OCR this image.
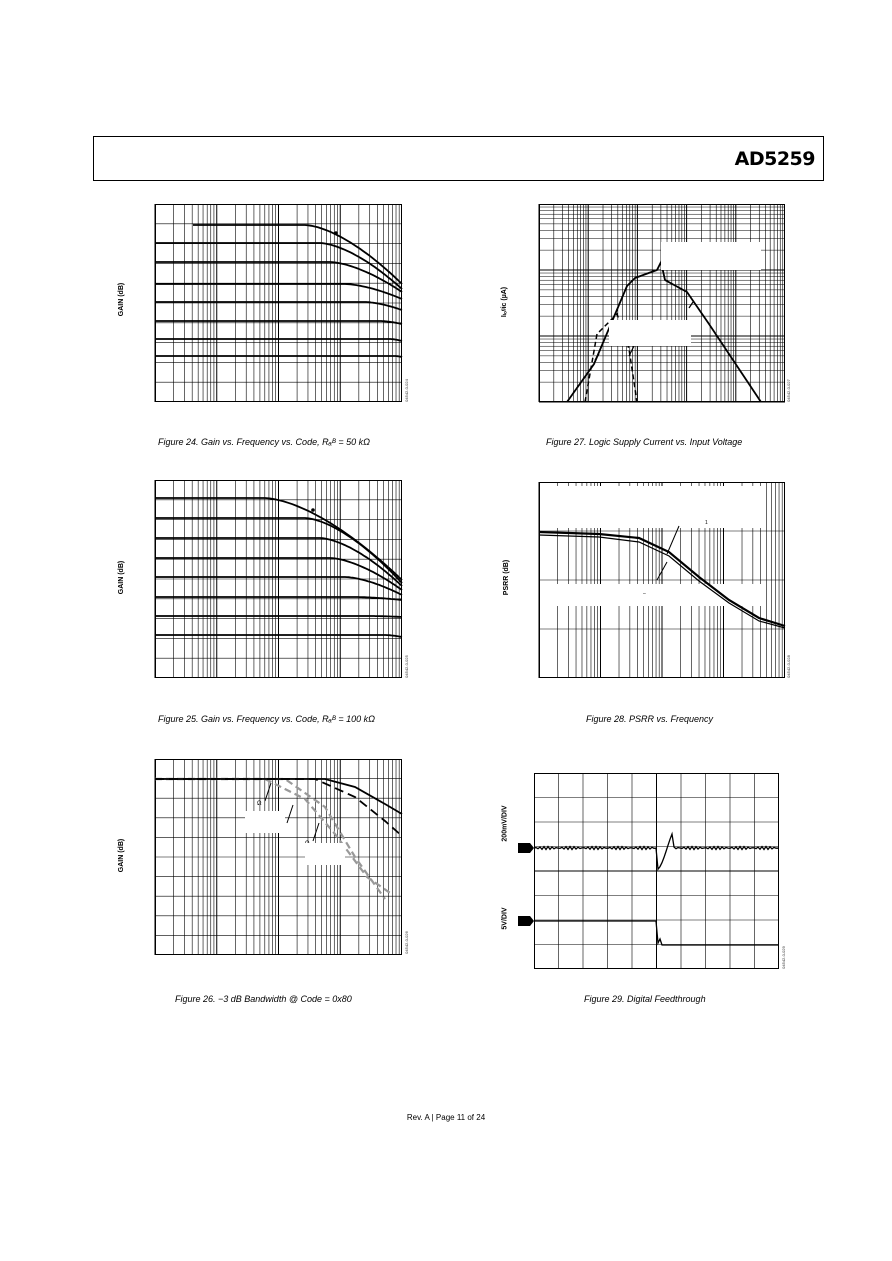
AD5259
GAIN (dB)
04542-0-024
Figure 24. Gain vs. Frequency vs. Code, Rₐᴮ = 50 kΩ
Iₗₒᵍic (µA)
04542-0-027
Figure 27. Logic Supply Current vs. Input Voltage
GAIN (dB)
04542-0-025
Figure 25. Gain vs. Frequency vs. Code, Rₐᴮ = 100 kΩ
1
–
PSRR (dB)
04542-0-028
Figure 28. PSRR vs. Frequency
Ω
GAIN (dB)
04542-0-026
Figure 26. −3 dB Bandwidth @ Code = 0x80
200mV/DIV
5V/DIV
04542-0-029
Figure 29. Digital Feedthrough
Rev. A | Page 11 of 24
